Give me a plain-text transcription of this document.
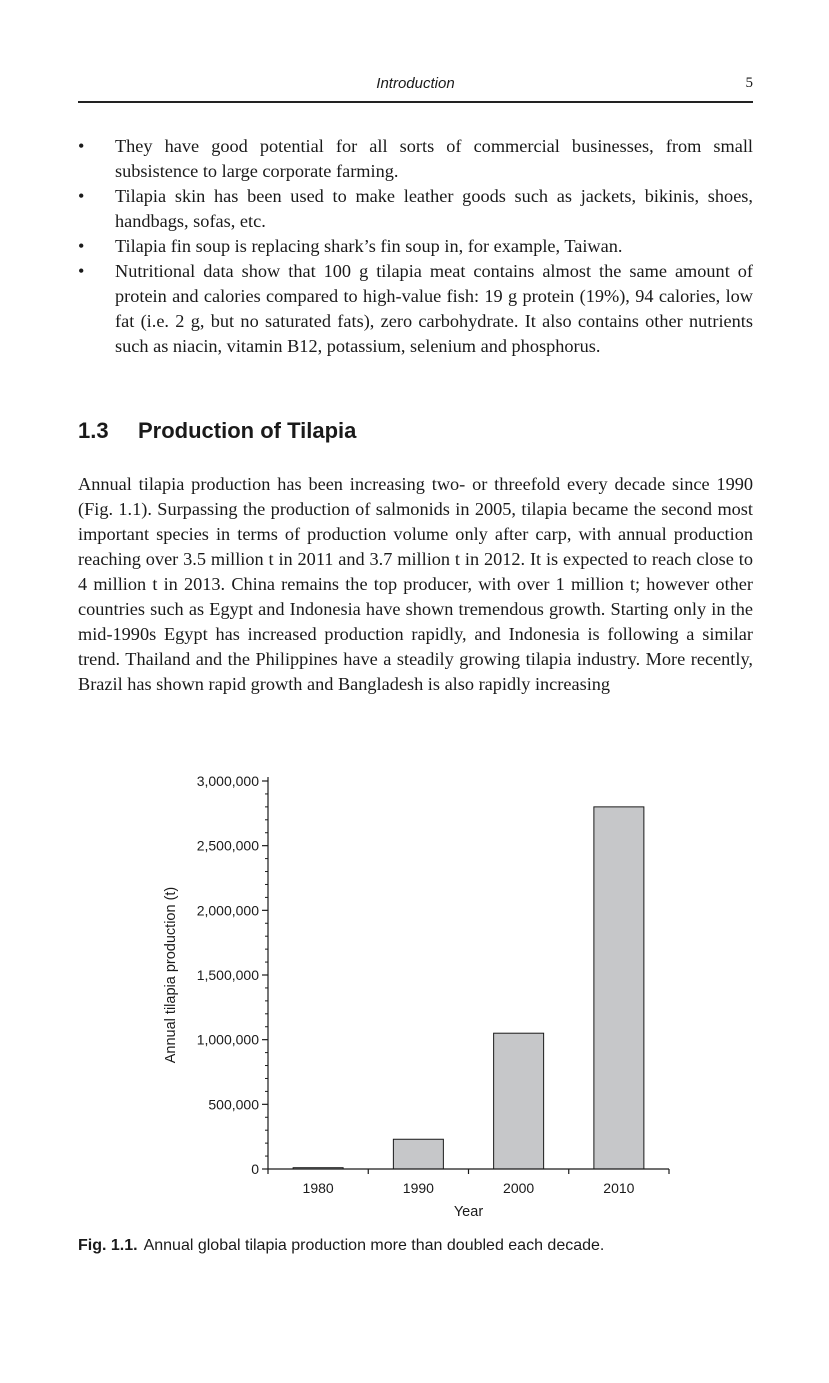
Introduction	5
• They have good potential for all sorts of commercial businesses, from small subsistence to large corporate farming.
• Tilapia skin has been used to make leather goods such as jackets, bikinis, shoes, handbags, sofas, etc.
• Tilapia fin soup is replacing shark’s fin soup in, for example, Taiwan.
• Nutritional data show that 100 g tilapia meat contains almost the same amount of protein and calories compared to high-value fish: 19 g protein (19%), 94 calories, low fat (i.e. 2 g, but no saturated fats), zero carbohydrate. It also contains other nutrients such as niacin, vitamin B12, potassium, selenium and phosphorus.
1.3 Production of Tilapia

Annual tilapia production has been increasing two- or threefold every decade since 1990 (Fig. 1.1). Surpassing the production of salmonids in 2005, tilapia became the second most important species in terms of production volume only after carp, with annual production reaching over 3.5 million t in 2011 and 3.7 million t in 2012. It is expected to reach close to 4 million t in 2013. China remains the top producer, with over 1 million t; however other countries such as Egypt and Indonesia have shown tremendous growth. Starting only in the mid-1990s Egypt has increased production rapidly, and Indonesia is following a similar trend. Thailand and the Philippines have a steadily growing tilapia industry. More recently, Brazil has shown rapid growth and Bangladesh is also rapidly increasing

0
500,000
1,000,000
1,500,000
2,000,000
2,500,000
3,000,000
1980	1990	2000	2010
Year
Annual tilapia production (t)
Fig. 1.1. Annual global tilapia production more than doubled each decade.
